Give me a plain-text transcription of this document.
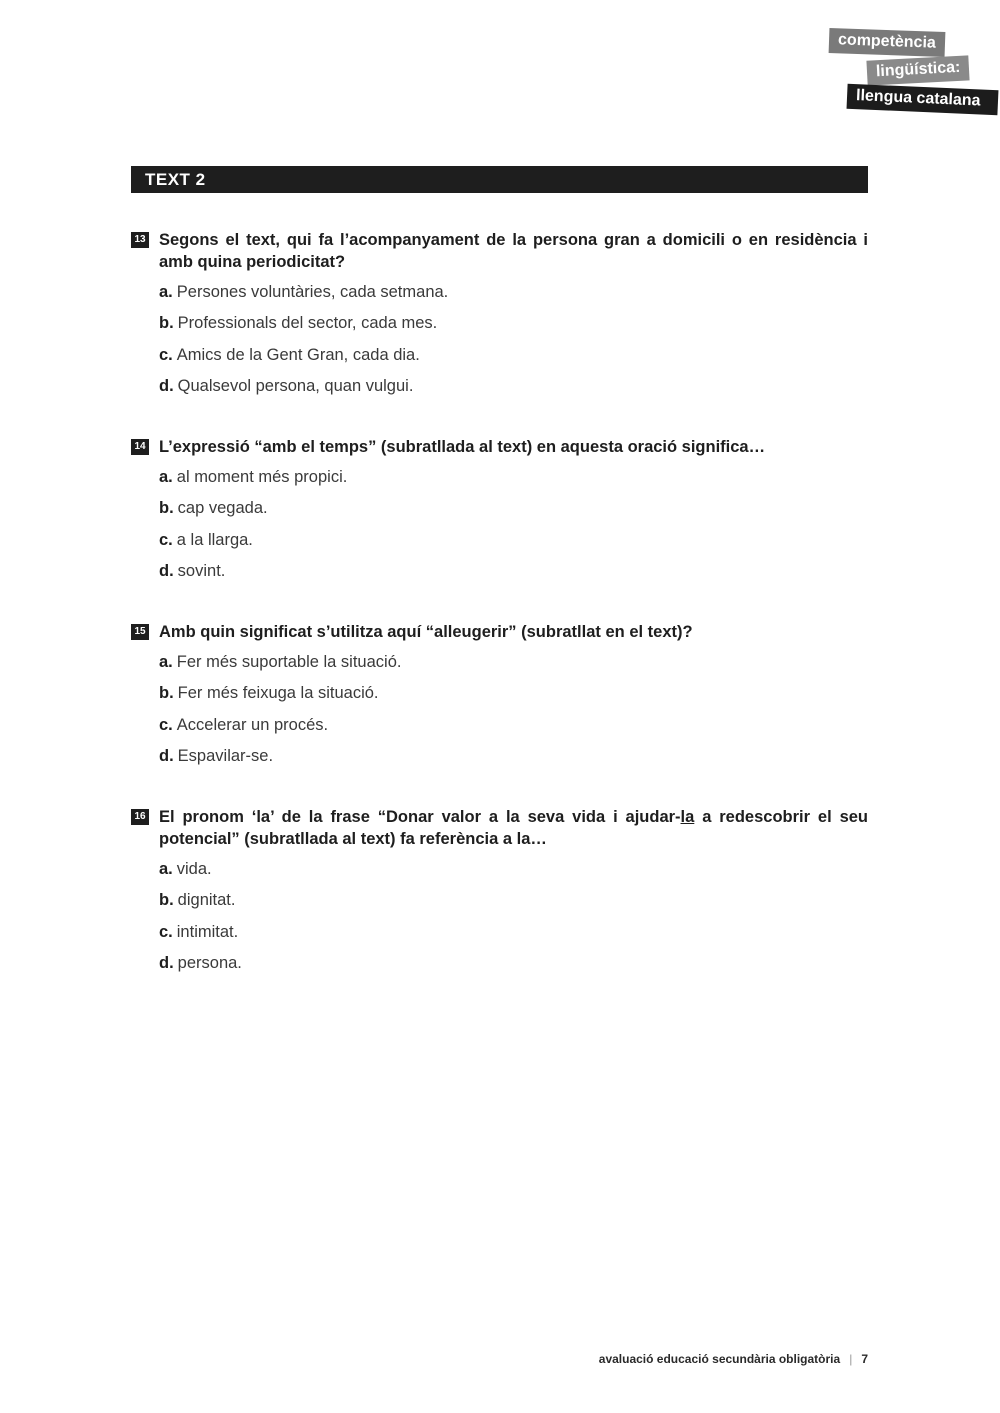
competència
lingüística:
llengua catalana
TEXT 2
13 Segons el text, qui fa l’acompanyament de la persona gran a domicili o en residència i amb quina periodicitat?
a. Persones voluntàries, cada setmana.
b. Professionals del sector, cada mes.
c. Amics de la Gent Gran, cada dia.
d. Qualsevol persona, quan vulgui.
14 L’expressió “amb el temps” (subratllada al text) en aquesta oració significa…
a. al moment més propici.
b. cap vegada.
c. a la llarga.
d. sovint.
15 Amb quin significat s’utilitza aquí “alleugerir” (subratllat en el text)?
a. Fer més suportable la situació.
b. Fer més feixuga la situació.
c. Accelerar un procés.
d. Espavilar-se.
16 El pronom ‘la’ de la frase “Donar valor a la seva vida i ajudar-la a redescobrir el seu potencial” (subratllada al text) fa referència a la…
a. vida.
b. dignitat.
c. intimitat.
d. persona.
avaluació educació secundària obligatòria | 7
